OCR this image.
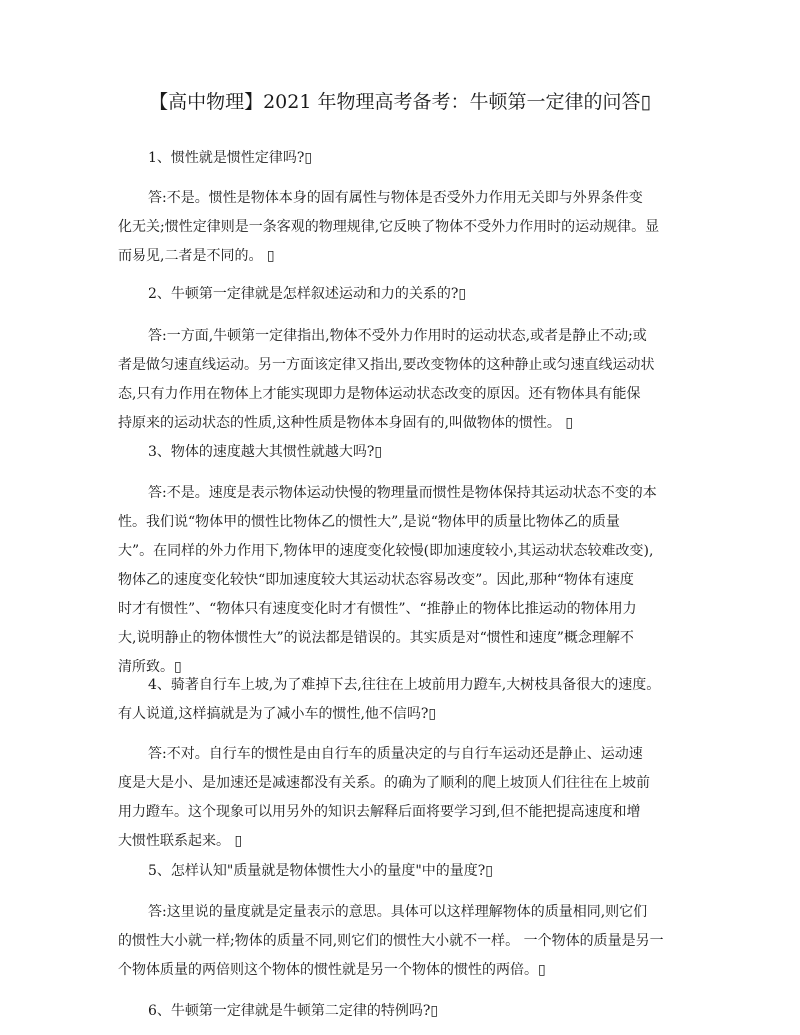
【高中物理】2021 年物理高考备考：牛顿第一定律的问答▯
1、惯性就是惯性定律吗?▯
答:不是。惯性是物体本身的固有属性与物体是否受外力作用无关即与外界条件变
化无关;惯性定律则是一条客观的物理规律,它反映了物体不受外力作用时的运动规律。显
而易见,二者是不同的。 ▯
2、牛顿第一定律就是怎样叙述运动和力的关系的?▯
答:一方面,牛顿第一定律指出,物体不受外力作用时的运动状态,或者是静止不动;或
者是做匀速直线运动。另一方面该定律又指出,要改变物体的这种静止或匀速直线运动状
态,只有力作用在物体上才能实现即力是物体运动状态改变的原因。还有物体具有能保
持原来的运动状态的性质,这种性质是物体本身固有的,叫做物体的惯性。 ▯
3、物体的速度越大其惯性就越大吗?▯
答:不是。速度是表示物体运动快慢的物理量而惯性是物体保持其运动状态不变的本
性。我们说“物体甲的惯性比物体乙的惯性大”,是说“物体甲的质量比物体乙的质量
大”。在同样的外力作用下,物体甲的速度变化较慢(即加速度较小,其运动状态较难改变),
物体乙的速度变化较快“即加速度较大其运动状态容易改变”。因此,那种“物体有速度
时才有惯性”、“物体只有速度变化时才有惯性”、“推静止的物体比推运动的物体用力
大,说明静止的物体惯性大”的说法都是错误的。其实质是对“惯性和速度”概念理解不
清所致。▯
4、骑著自行车上坡,为了难掉下去,往往在上坡前用力蹬车,大树枝具备很大的速度。
有人说道,这样搞就是为了减小车的惯性,他不信吗?▯
答:不对。自行车的惯性是由自行车的质量决定的与自行车运动还是静止、运动速
度是大是小、是加速还是减速都没有关系。的确为了顺利的爬上坡顶人们往往在上坡前
用力蹬车。这个现象可以用另外的知识去解释后面将要学习到,但不能把提高速度和增
大惯性联系起来。 ▯
5、怎样认知"质量就是物体惯性大小的量度"中的量度?▯
答:这里说的量度就是定量表示的意思。具体可以这样理解物体的质量相同,则它们
的惯性大小就一样;物体的质量不同,则它们的惯性大小就不一样。 一个物体的质量是另一
个物体质量的两倍则这个物体的惯性就是另一个物体的惯性的两倍。▯
6、牛顿第一定律就是牛顿第二定律的特例吗?▯
